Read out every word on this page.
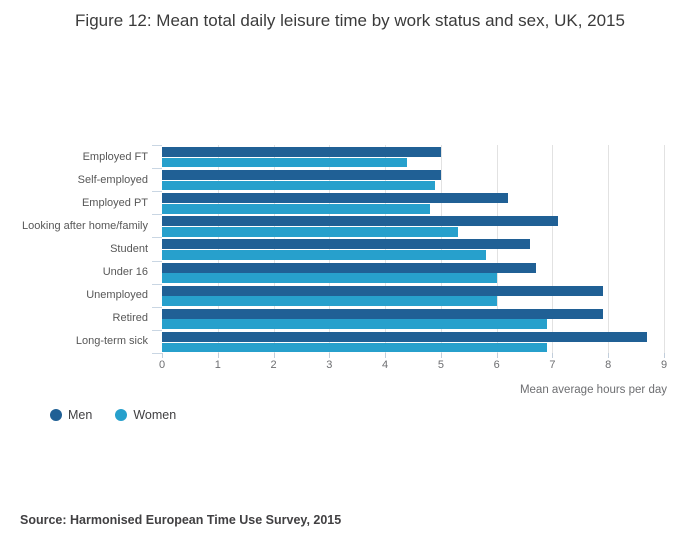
Figure 12: Mean total daily leisure time by work status and sex, UK, 2015
Employed FT
Self-employed
Employed PT
Looking after home/family
Student
Under 16
Unemployed
Retired
Long-term sick
0	1	2	3	4	5	6	7	8	9
Mean average hours per day
Men	Women
Source: Harmonised European Time Use Survey, 2015
